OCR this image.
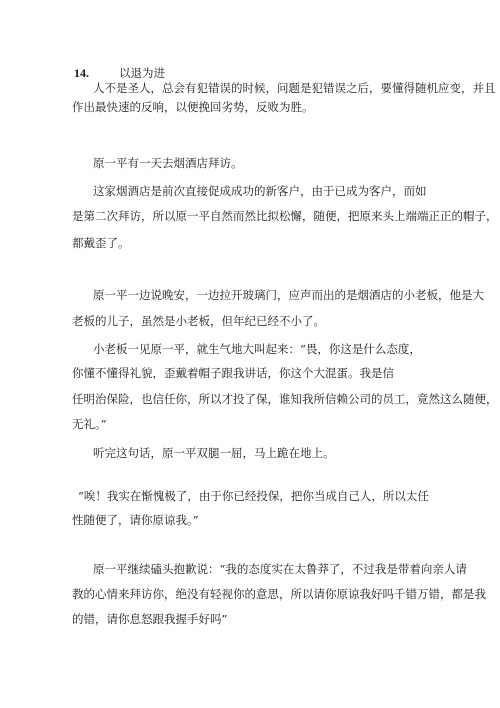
14.	以退为进
人不是圣人，总会有犯错误的时候，问题是犯错误之后，要懂得随机应变，并且
作出最快速的反响，以便挽回劣势，反败为胜。
原一平有一天去烟酒店拜访。
这家烟酒店是前次直接促成成功的新客户，由于已成为客户，而如
是第二次拜访，所以原一平自然而然比拟松懈，随便，把原来头上端端正正的帽子，
都戴歪了。
原一平一边说晚安，一边拉开玻璃门，应声而出的是烟酒店的小老板，他是大
老板的儿子，虽然是小老板，但年纪已经不小了。
小老板一见原一平，就生气地大叫起来：“畏，你这是什么态度，
你懂不懂得礼貌，歪戴着帽子跟我讲话，你这个大混蛋。我是信
任明治保险，也信任你，所以才投了保，谁知我所信赖公司的员工，竟然这么随便，
无礼。”
听完这句话，原一平双腿一屈，马上跪在地上。
“唉！我实在惭愧极了，由于你已经投保，把你当成自己人，所以太任
性随便了，请你原谅我。”
原一平继续磕头抱歉说：“我的态度实在太鲁莽了，不过我是带着向亲人请
教的心情来拜访你，绝没有轻视你的意思，所以请你原谅我好吗千错万错，都是我
的错，请你息怒跟我握手好吗”
